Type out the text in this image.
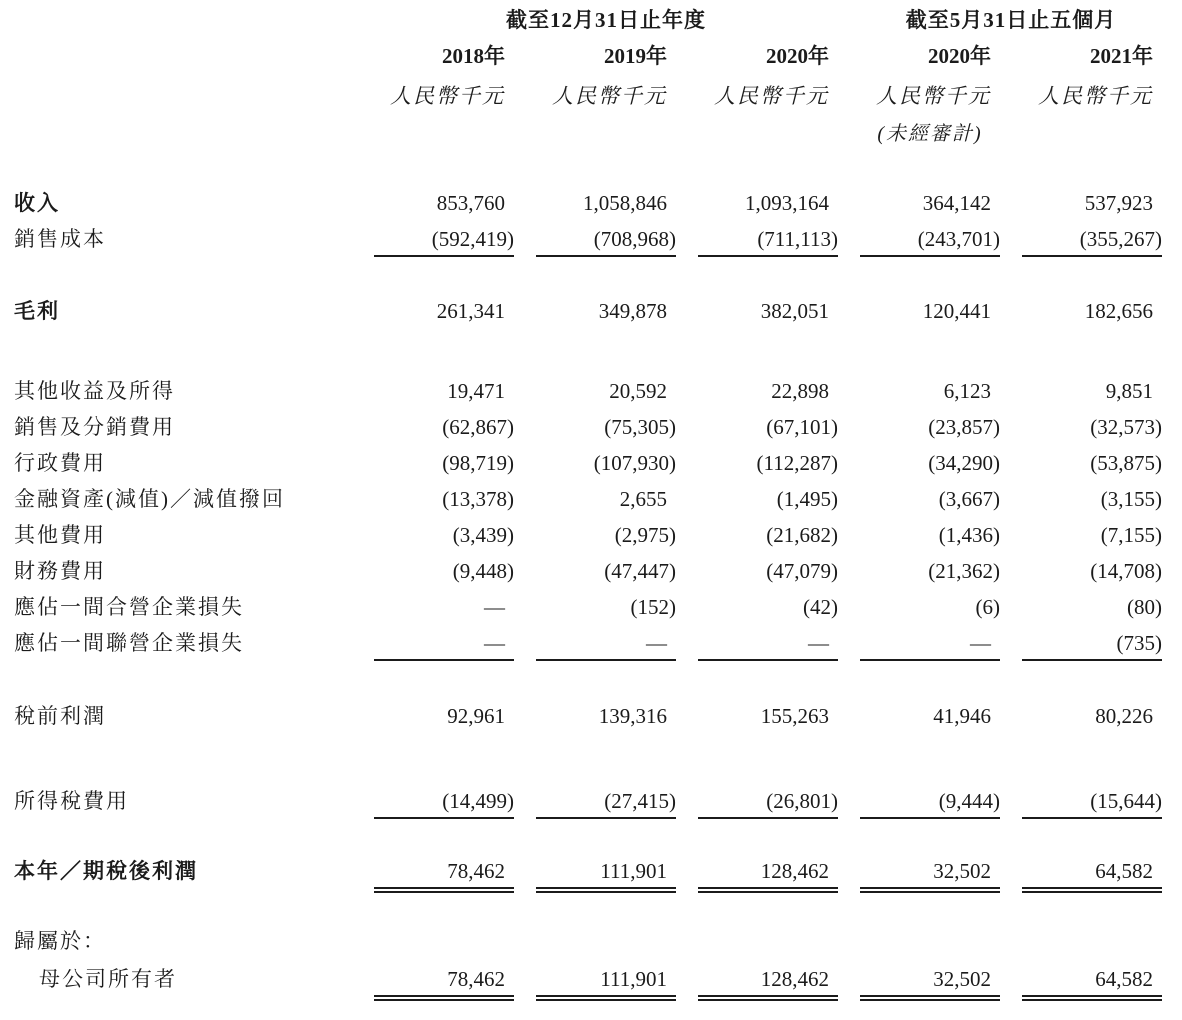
截至12月31日止年度	截至5月31日止五個月
2018年	2019年	2020年	2020年	2021年
人民幣千元	人民幣千元	人民幣千元	人民幣千元	人民幣千元
(未經審計)
收入	853,760	1,058,846	1,093,164	364,142	537,923
銷售成本	(592,419)	(708,968)	(711,113)	(243,701)	(355,267)
毛利	261,341	349,878	382,051	120,441	182,656
其他收益及所得	19,471	20,592	22,898	6,123	9,851
銷售及分銷費用	(62,867)	(75,305)	(67,101)	(23,857)	(32,573)
行政費用	(98,719)	(107,930)	(112,287)	(34,290)	(53,875)
金融資產(減值)／減值撥回	(13,378)	2,655	(1,495)	(3,667)	(3,155)
其他費用	(3,439)	(2,975)	(21,682)	(1,436)	(7,155)
財務費用	(9,448)	(47,447)	(47,079)	(21,362)	(14,708)
應佔一間合營企業損失	—	(152)	(42)	(6)	(80)
應佔一間聯營企業損失	—	—	—	—	(735)
稅前利潤	92,961	139,316	155,263	41,946	80,226
所得稅費用	(14,499)	(27,415)	(26,801)	(9,444)	(15,644)
本年／期稅後利潤	78,462	111,901	128,462	32,502	64,582
歸屬於：
母公司所有者	78,462	111,901	128,462	32,502	64,582
